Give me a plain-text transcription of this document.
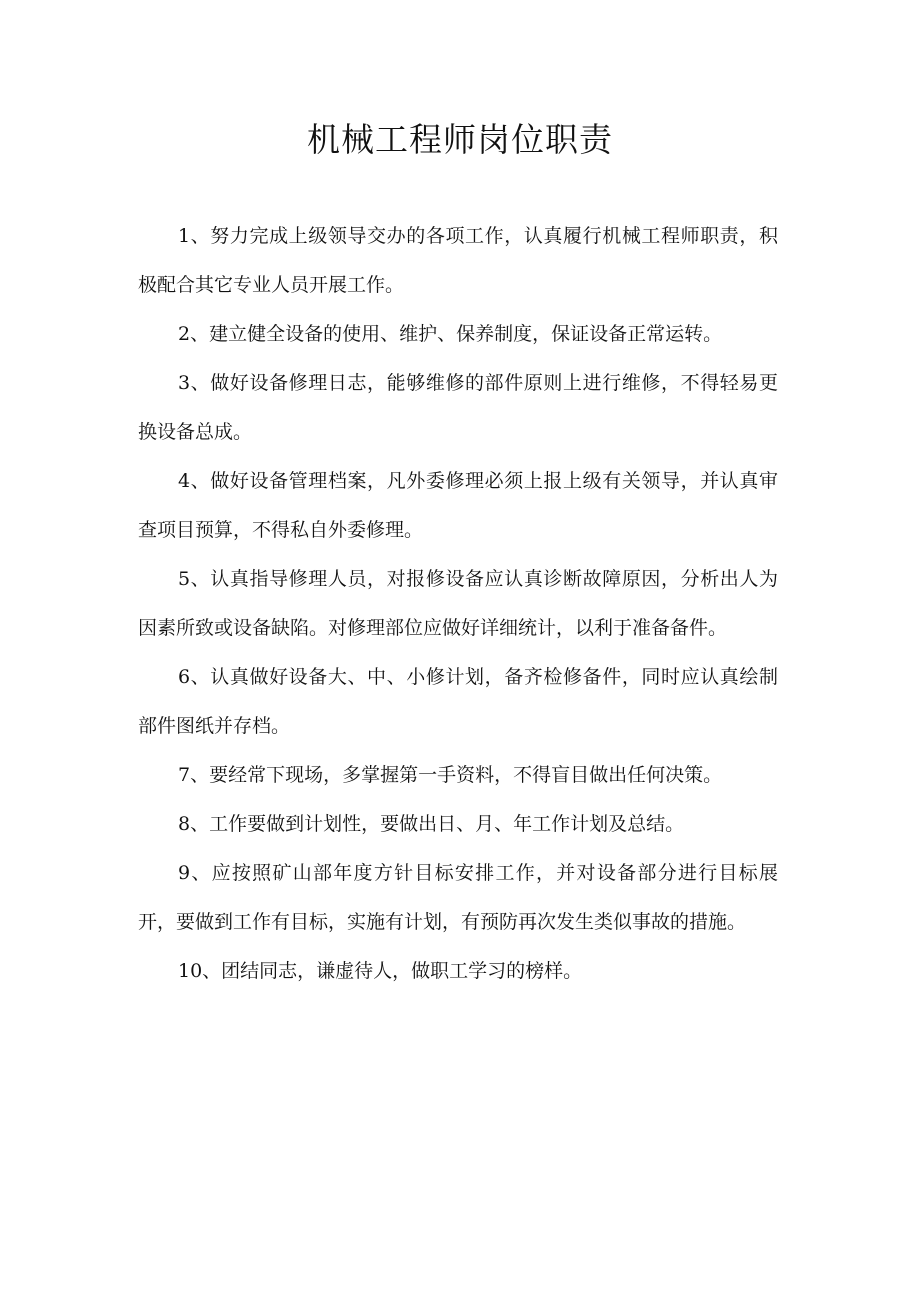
机械工程师岗位职责

1、努力完成上级领导交办的各项工作，认真履行机械工程师职责，积极配合其它专业人员开展工作。

2、建立健全设备的使用、维护、保养制度，保证设备正常运转。

3、做好设备修理日志，能够维修的部件原则上进行维修，不得轻易更换设备总成。

4、做好设备管理档案，凡外委修理必须上报上级有关领导，并认真审查项目预算，不得私自外委修理。

5、认真指导修理人员，对报修设备应认真诊断故障原因，分析出人为因素所致或设备缺陷。对修理部位应做好详细统计，以利于准备备件。

6、认真做好设备大、中、小修计划，备齐检修备件，同时应认真绘制部件图纸并存档。

7、要经常下现场，多掌握第一手资料，不得盲目做出任何决策。

8、工作要做到计划性，要做出日、月、年工作计划及总结。

9、应按照矿山部年度方针目标安排工作，并对设备部分进行目标展开，要做到工作有目标，实施有计划，有预防再次发生类似事故的措施。

10、团结同志，谦虚待人，做职工学习的榜样。
